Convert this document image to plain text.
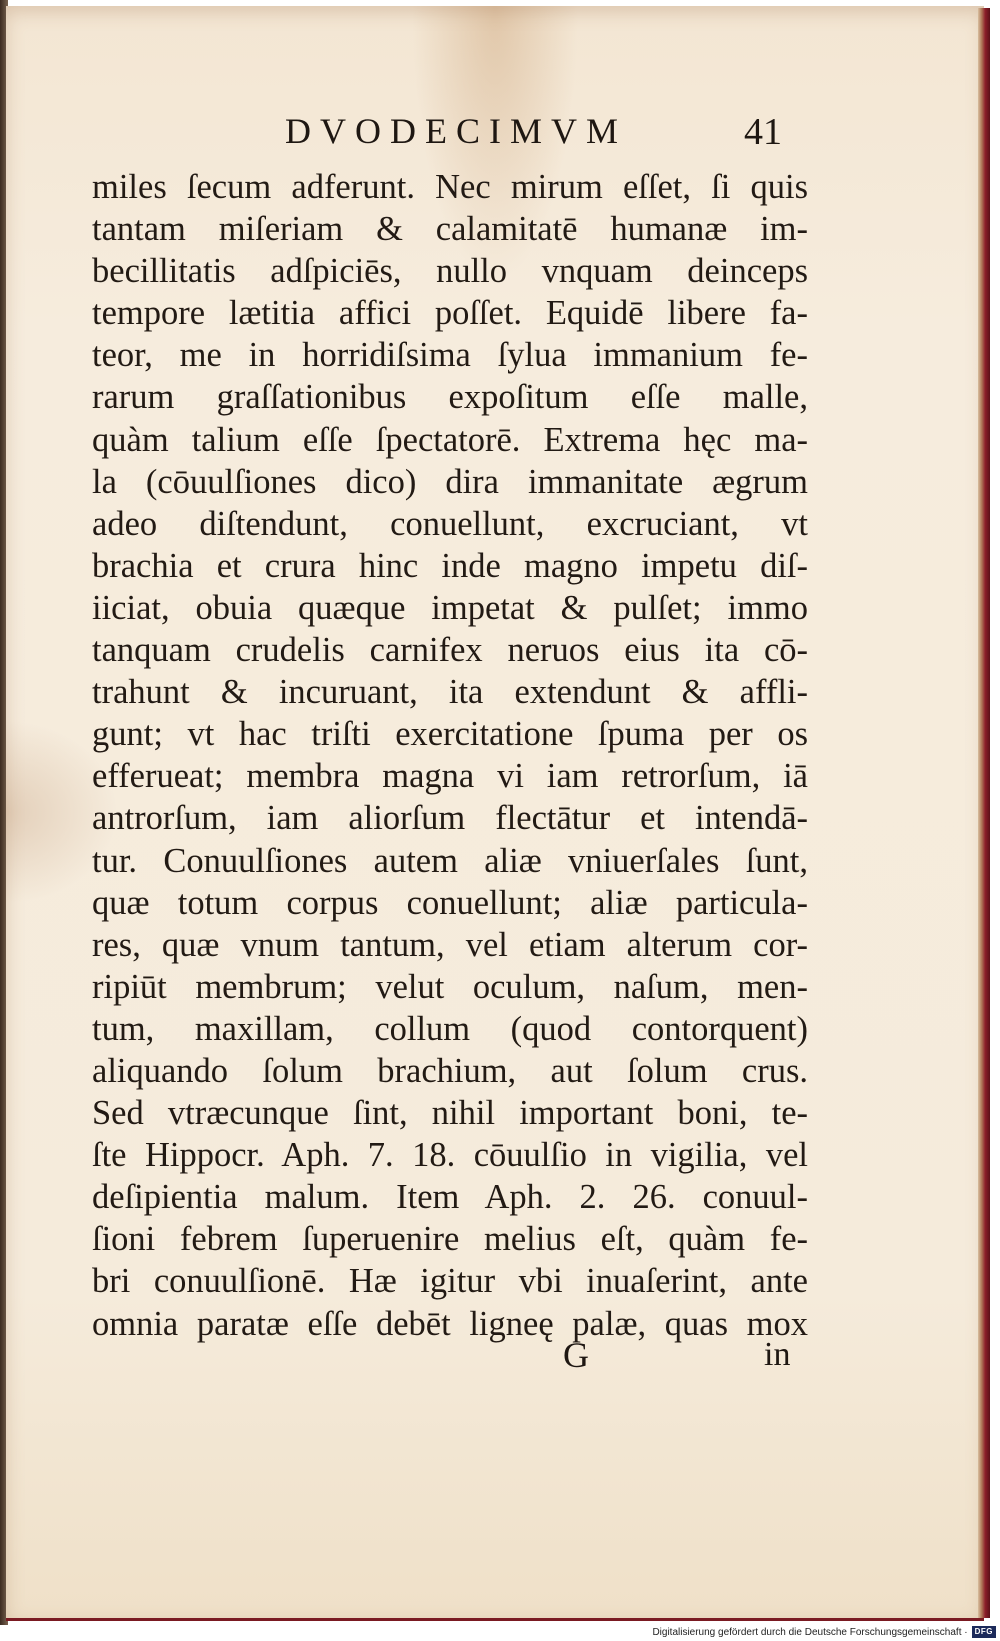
DVODECIMVM	41
miles ſecum adferunt. Nec mirum eſſet, ſi quis
tantam miſeriam & calamitatē humanæ im-
becillitatis adſpiciēs, nullo vnquam deinceps
tempore lætitia affici poſſet. Equidē libere fa-
teor, me in horridiſsima ſylua immanium fe-
rarum graſſationibus expoſitum eſſe malle,
quàm talium eſſe ſpectatorē. Extrema hęc ma-
la (cōuulſiones dico) dira immanitate ægrum
adeo diſtendunt, conuellunt, excruciant, vt
brachia et crura hinc inde magno impetu diſ-
iiciat, obuia quæque impetat & pulſet; immo
tanquam crudelis carnifex neruos eius ita cō-
trahunt & incuruant, ita extendunt & affli-
gunt; vt hac triſti exercitatione ſpuma per os
efferueat; membra magna vi iam retrorſum, iā
antrorſum, iam aliorſum flectātur et intendā-
tur. Conuulſiones autem aliæ vniuerſales ſunt,
quæ totum corpus conuellunt; aliæ particula-
res, quæ vnum tantum, vel etiam alterum cor-
ripiūt membrum; velut oculum, naſum, men-
tum, maxillam, collum (quod contorquent)
aliquando ſolum brachium, aut ſolum crus.
Sed vtræcunque ſint, nihil important boni, te-
ſte Hippocr. Aph. 7. 18. cōuulſio in vigilia, vel
deſipientia malum. Item Aph. 2. 26. conuul-
ſioni febrem ſuperuenire melius eſt, quàm fe-
bri conuulſionē. Hæ igitur vbi inuaſerint, ante
omnia paratæ eſſe debēt ligneę palæ, quas mox
G	in
Digitalisierung gefördert durch die Deutsche Forschungsgemeinschaft · DFG
